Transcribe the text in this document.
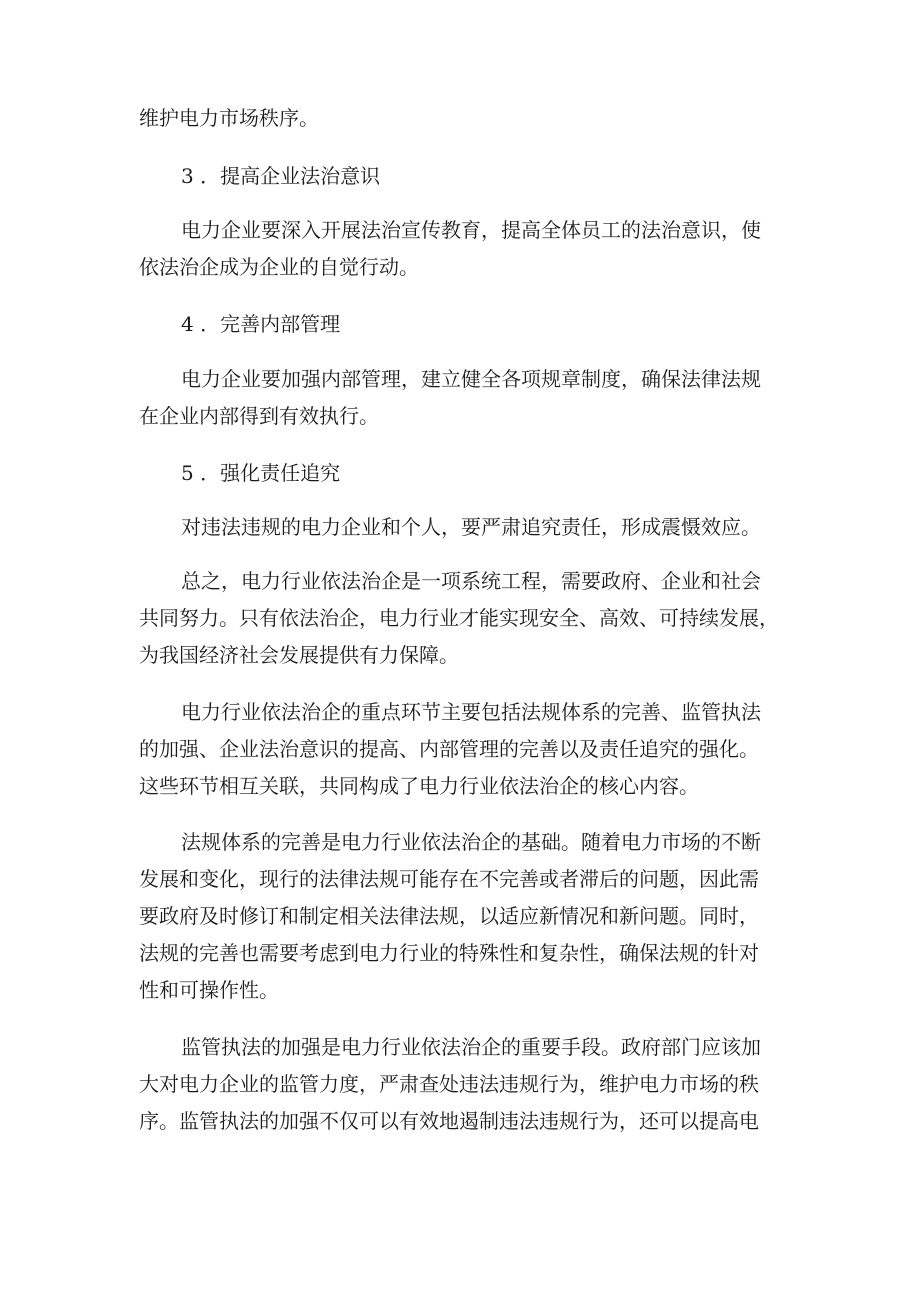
维护电力市场秩序。
3 ．提高企业法治意识
电力企业要深入开展法治宣传教育，提高全体员工的法治意识，使
依法治企成为企业的自觉行动。
4 ．完善内部管理
电力企业要加强内部管理，建立健全各项规章制度，确保法律法规
在企业内部得到有效执行。
5 ．强化责任追究
对违法违规的电力企业和个人，要严肃追究责任，形成震慑效应。
总之，电力行业依法治企是一项系统工程，需要政府、企业和社会
共同努力。只有依法治企，电力行业才能实现安全、高效、可持续发展，
为我国经济社会发展提供有力保障。
电力行业依法治企的重点环节主要包括法规体系的完善、监管执法
的加强、企业法治意识的提高、内部管理的完善以及责任追究的强化。
这些环节相互关联，共同构成了电力行业依法治企的核心内容。
法规体系的完善是电力行业依法治企的基础。随着电力市场的不断
发展和变化，现行的法律法规可能存在不完善或者滞后的问题，因此需
要政府及时修订和制定相关法律法规，以适应新情况和新问题。同时，
法规的完善也需要考虑到电力行业的特殊性和复杂性，确保法规的针对
性和可操作性。
监管执法的加强是电力行业依法治企的重要手段。政府部门应该加
大对电力企业的监管力度，严肃查处违法违规行为，维护电力市场的秩
序。监管执法的加强不仅可以有效地遏制违法违规行为，还可以提高电
